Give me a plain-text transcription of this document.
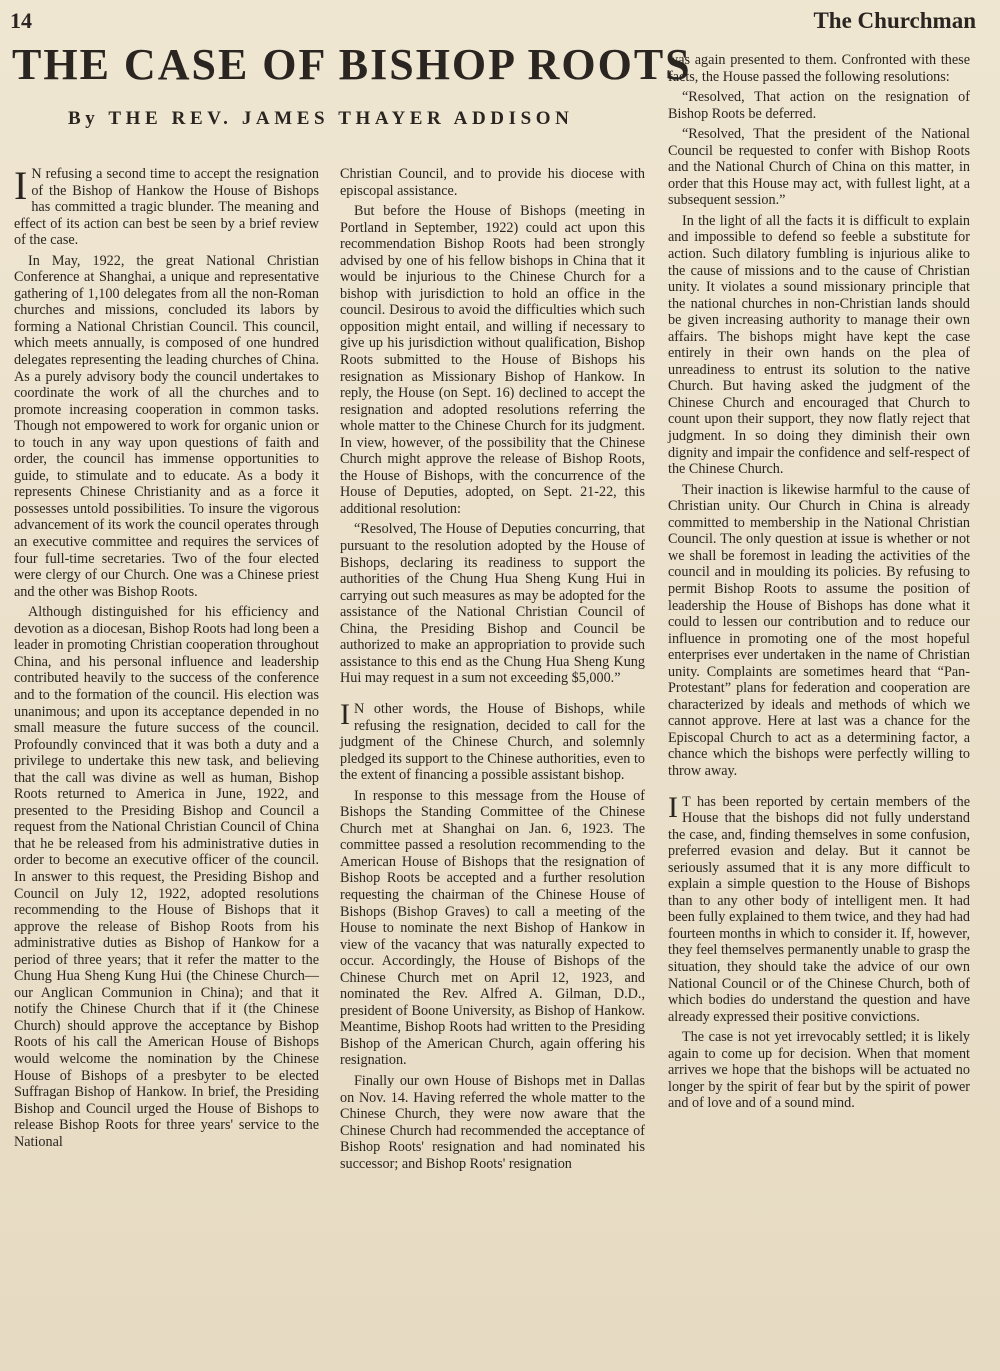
14	The Churchman
THE CASE OF BISHOP ROOTS
By THE REV. JAMES THAYER ADDISON

I N refusing a second time to accept the resignation of the Bishop of Hankow the House of Bishops has committed a tragic blunder. The meaning and effect of its action can best be seen by a brief review of the case.

In May, 1922, the great National Christian Conference at Shanghai, a unique and representative gathering of 1,100 delegates from all the non-Roman churches and missions, concluded its labors by forming a National Christian Council. This council, which meets annually, is composed of one hundred delegates representing the leading churches of China. As a purely advisory body the council undertakes to coordinate the work of all the churches and to promote increasing cooperation in common tasks. Though not empowered to work for organic union or to touch in any way upon questions of faith and order, the council has immense opportunities to guide, to stimulate and to educate. As a body it represents Chinese Christianity and as a force it possesses untold possibilities. To insure the vigorous advancement of its work the council operates through an executive committee and requires the services of four full-time secretaries. Two of the four elected were clergy of our Church. One was a Chinese priest and the other was Bishop Roots.

Although distinguished for his efficiency and devotion as a diocesan, Bishop Roots had long been a leader in promoting Christian cooperation throughout China, and his personal influence and leadership contributed heavily to the success of the conference and to the formation of the council. His election was unanimous; and upon its acceptance depended in no small measure the future success of the council. Profoundly convinced that it was both a duty and a privilege to undertake this new task, and believing that the call was divine as well as human, Bishop Roots returned to America in June, 1922, and presented to the Presiding Bishop and Council a request from the National Christian Council of China that he be released from his administrative duties in order to become an executive officer of the council. In answer to this request, the Presiding Bishop and Council on July 12, 1922, adopted resolutions recommending to the House of Bishops that it approve the release of Bishop Roots from his administrative duties as Bishop of Hankow for a period of three years; that it refer the matter to the Chung Hua Sheng Kung Hui (the Chinese Church—our Anglican Communion in China); and that it notify the Chinese Church that if it (the Chinese Church) should approve the acceptance by Bishop Roots of his call the American House of Bishops would welcome the nomination by the Chinese House of Bishops of a presbyter to be elected Suffragan Bishop of Hankow. In brief, the Presiding Bishop and Council urged the House of Bishops to release Bishop Roots for three years' service to the National

Christian Council, and to provide his diocese with episcopal assistance.

But before the House of Bishops (meeting in Portland in September, 1922) could act upon this recommendation Bishop Roots had been strongly advised by one of his fellow bishops in China that it would be injurious to the Chinese Church for a bishop with jurisdiction to hold an office in the council. Desirous to avoid the difficulties which such opposition might entail, and willing if necessary to give up his jurisdiction without qualification, Bishop Roots submitted to the House of Bishops his resignation as Missionary Bishop of Hankow. In reply, the House (on Sept. 16) declined to accept the resignation and adopted resolutions referring the whole matter to the Chinese Church for its judgment. In view, however, of the possibility that the Chinese Church might approve the release of Bishop Roots, the House of Bishops, with the concurrence of the House of Deputies, adopted, on Sept. 21-22, this additional resolution:

“Resolved, The House of Deputies concurring, that pursuant to the resolution adopted by the House of Bishops, declaring its readiness to support the authorities of the Chung Hua Sheng Kung Hui in carrying out such measures as may be adopted for the assistance of the National Christian Council of China, the Presiding Bishop and Council be authorized to make an appropriation to provide such assistance to this end as the Chung Hua Sheng Kung Hui may request in a sum not exceeding $5,000.”

I N other words, the House of Bishops, while refusing the resignation, decided to call for the judgment of the Chinese Church, and solemnly pledged its support to the Chinese authorities, even to the extent of financing a possible assistant bishop.

In response to this message from the House of Bishops the Standing Committee of the Chinese Church met at Shanghai on Jan. 6, 1923. The committee passed a resolution recommending to the American House of Bishops that the resignation of Bishop Roots be accepted and a further resolution requesting the chairman of the Chinese House of Bishops (Bishop Graves) to call a meeting of the House to nominate the next Bishop of Hankow in view of the vacancy that was naturally expected to occur. Accordingly, the House of Bishops of the Chinese Church met on April 12, 1923, and nominated the Rev. Alfred A. Gilman, D.D., president of Boone University, as Bishop of Hankow. Meantime, Bishop Roots had written to the Presiding Bishop of the American Church, again offering his resignation.

Finally our own House of Bishops met in Dallas on Nov. 14. Having referred the whole matter to the Chinese Church, they were now aware that the Chinese Church had recommended the acceptance of Bishop Roots' resignation and had nominated his successor; and Bishop Roots' resignation

was again presented to them. Confronted with these facts, the House passed the following resolutions:

“Resolved, That action on the resignation of Bishop Roots be deferred.

“Resolved, That the president of the National Council be requested to confer with Bishop Roots and the National Church of China on this matter, in order that this House may act, with fullest light, at a subsequent session.”

In the light of all the facts it is difficult to explain and impossible to defend so feeble a substitute for action. Such dilatory fumbling is injurious alike to the cause of missions and to the cause of Christian unity. It violates a sound missionary principle that the national churches in non-Christian lands should be given increasing authority to manage their own affairs. The bishops might have kept the case entirely in their own hands on the plea of unreadiness to entrust its solution to the native Church. But having asked the judgment of the Chinese Church and encouraged that Church to count upon their support, they now flatly reject that judgment. In so doing they diminish their own dignity and impair the confidence and self-respect of the Chinese Church.

Their inaction is likewise harmful to the cause of Christian unity. Our Church in China is already committed to membership in the National Christian Council. The only question at issue is whether or not we shall be foremost in leading the activities of the council and in moulding its policies. By refusing to permit Bishop Roots to assume the position of leadership the House of Bishops has done what it could to lessen our contribution and to reduce our influence in promoting one of the most hopeful enterprises ever undertaken in the name of Christian unity. Complaints are sometimes heard that “Pan-Protestant” plans for federation and cooperation are characterized by ideals and methods of which we cannot approve. Here at last was a chance for the Episcopal Church to act as a determining factor, a chance which the bishops were perfectly willing to throw away.

I T has been reported by certain members of the House that the bishops did not fully understand the case, and, finding themselves in some confusion, preferred evasion and delay. But it cannot be seriously assumed that it is any more difficult to explain a simple question to the House of Bishops than to any other body of intelligent men. It had been fully explained to them twice, and they had had fourteen months in which to consider it. If, however, they feel themselves permanently unable to grasp the situation, they should take the advice of our own National Council or of the Chinese Church, both of which bodies do understand the question and have already expressed their positive convictions.

The case is not yet irrevocably settled; it is likely again to come up for decision. When that moment arrives we hope that the bishops will be actuated no longer by the spirit of fear but by the spirit of power and of love and of a sound mind.
